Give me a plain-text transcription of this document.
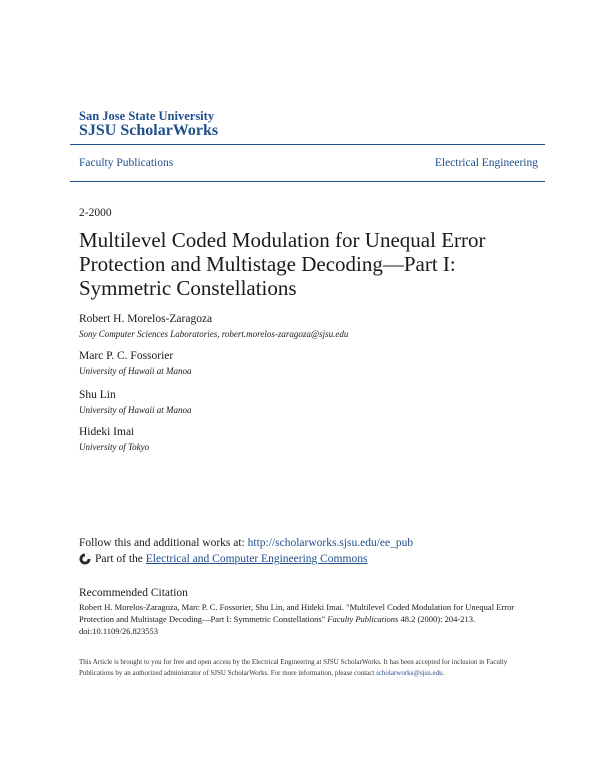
San Jose State University
SJSU ScholarWorks
Faculty Publications	Electrical Engineering
2-2000
Multilevel Coded Modulation for Unequal Error Protection and Multistage Decoding—Part I: Symmetric Constellations
Robert H. Morelos-Zaragoza
Sony Computer Sciences Laboratories, robert.morelos-zaragoza@sjsu.edu
Marc P. C. Fossorier
University of Hawaii at Manoa
Shu Lin
University of Hawaii at Manoa
Hideki Imai
University of Tokyo
Follow this and additional works at: http://scholarworks.sjsu.edu/ee_pub
Part of the Electrical and Computer Engineering Commons
Recommended Citation
Robert H. Morelos-Zaragoza, Marc P. C. Fossorier, Shu Lin, and Hideki Imai. "Multilevel Coded Modulation for Unequal Error Protection and Multistage Decoding—Part I: Symmetric Constellations" Faculty Publications 48.2 (2000): 204-213. doi:10.1109/26.823553
This Article is brought to you for free and open access by the Electrical Engineering at SJSU ScholarWorks. It has been accepted for inclusion in Faculty Publications by an authorized administrator of SJSU ScholarWorks. For more information, please contact scholarworks@sjsu.edu.
